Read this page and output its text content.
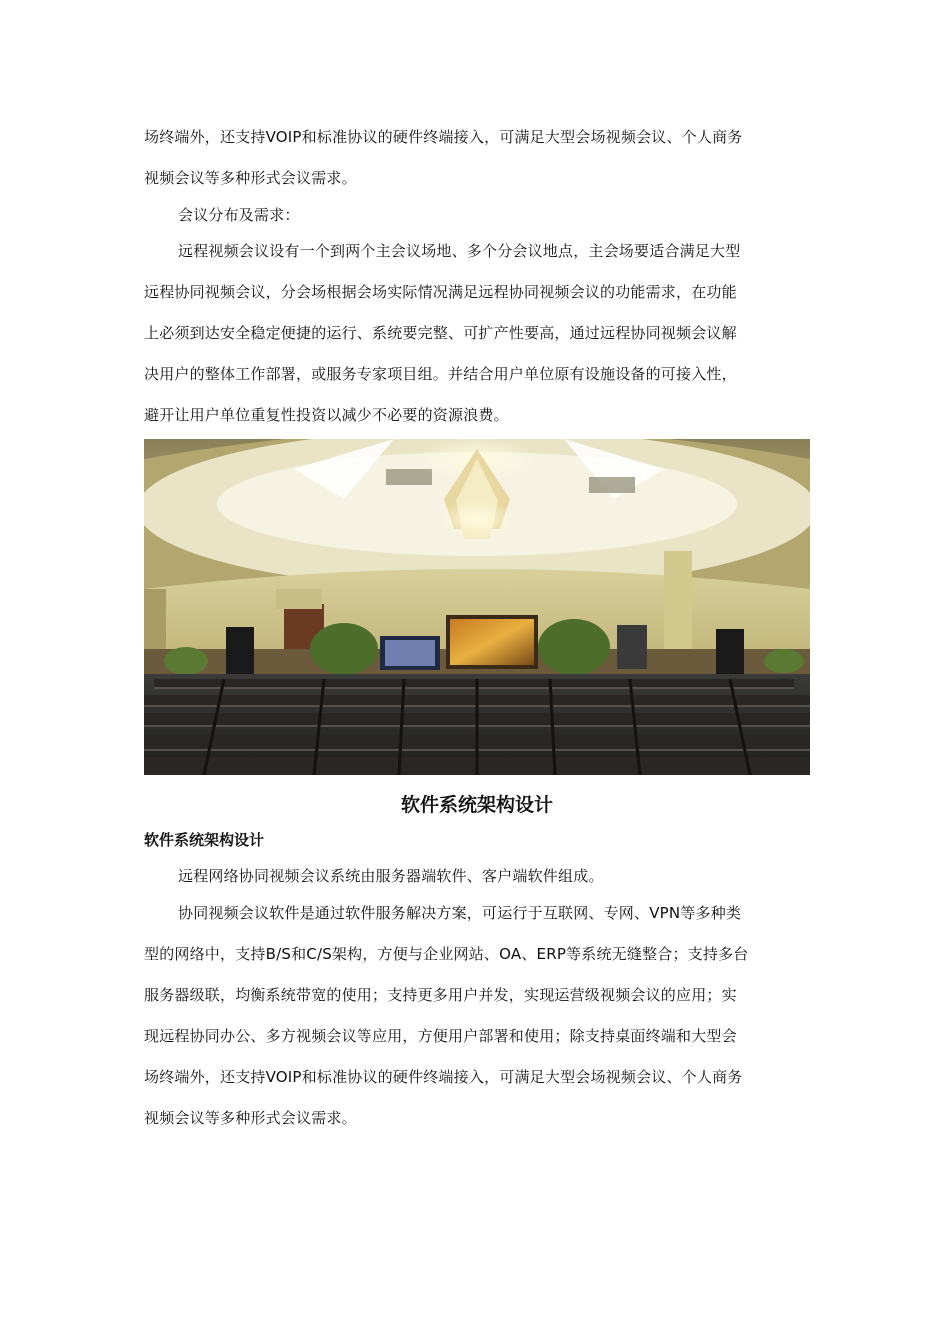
场终端外，还支持VOIP和标准协议的硬件终端接入，可满足大型会场视频会议、个人商务
视频会议等多种形式会议需求。
会议分布及需求：
远程视频会议设有一个到两个主会议场地、多个分会议地点，主会场要适合满足大型
远程协同视频会议，分会场根据会场实际情况满足远程协同视频会议的功能需求，在功能
上必须到达安全稳定便捷的运行、系统要完整、可扩产性要高，通过远程协同视频会议解
决用户的整体工作部署，或服务专家项目组。并结合用户单位原有设施设备的可接入性，
避开让用户单位重复性投资以减少不必要的资源浪费。
软件系统架构设计
软件系统架构设计
远程网络协同视频会议系统由服务器端软件、客户端软件组成。
协同视频会议软件是通过软件服务解决方案，可运行于互联网、专网、VPN等多种类
型的网络中，支持B/S和C/S架构，方便与企业网站、OA、ERP等系统无缝整合；支持多台
服务器级联，均衡系统带宽的使用；支持更多用户并发，实现运营级视频会议的应用；实
现远程协同办公、多方视频会议等应用，方便用户部署和使用；除支持桌面终端和大型会
场终端外，还支持VOIP和标准协议的硬件终端接入，可满足大型会场视频会议、个人商务
视频会议等多种形式会议需求。
